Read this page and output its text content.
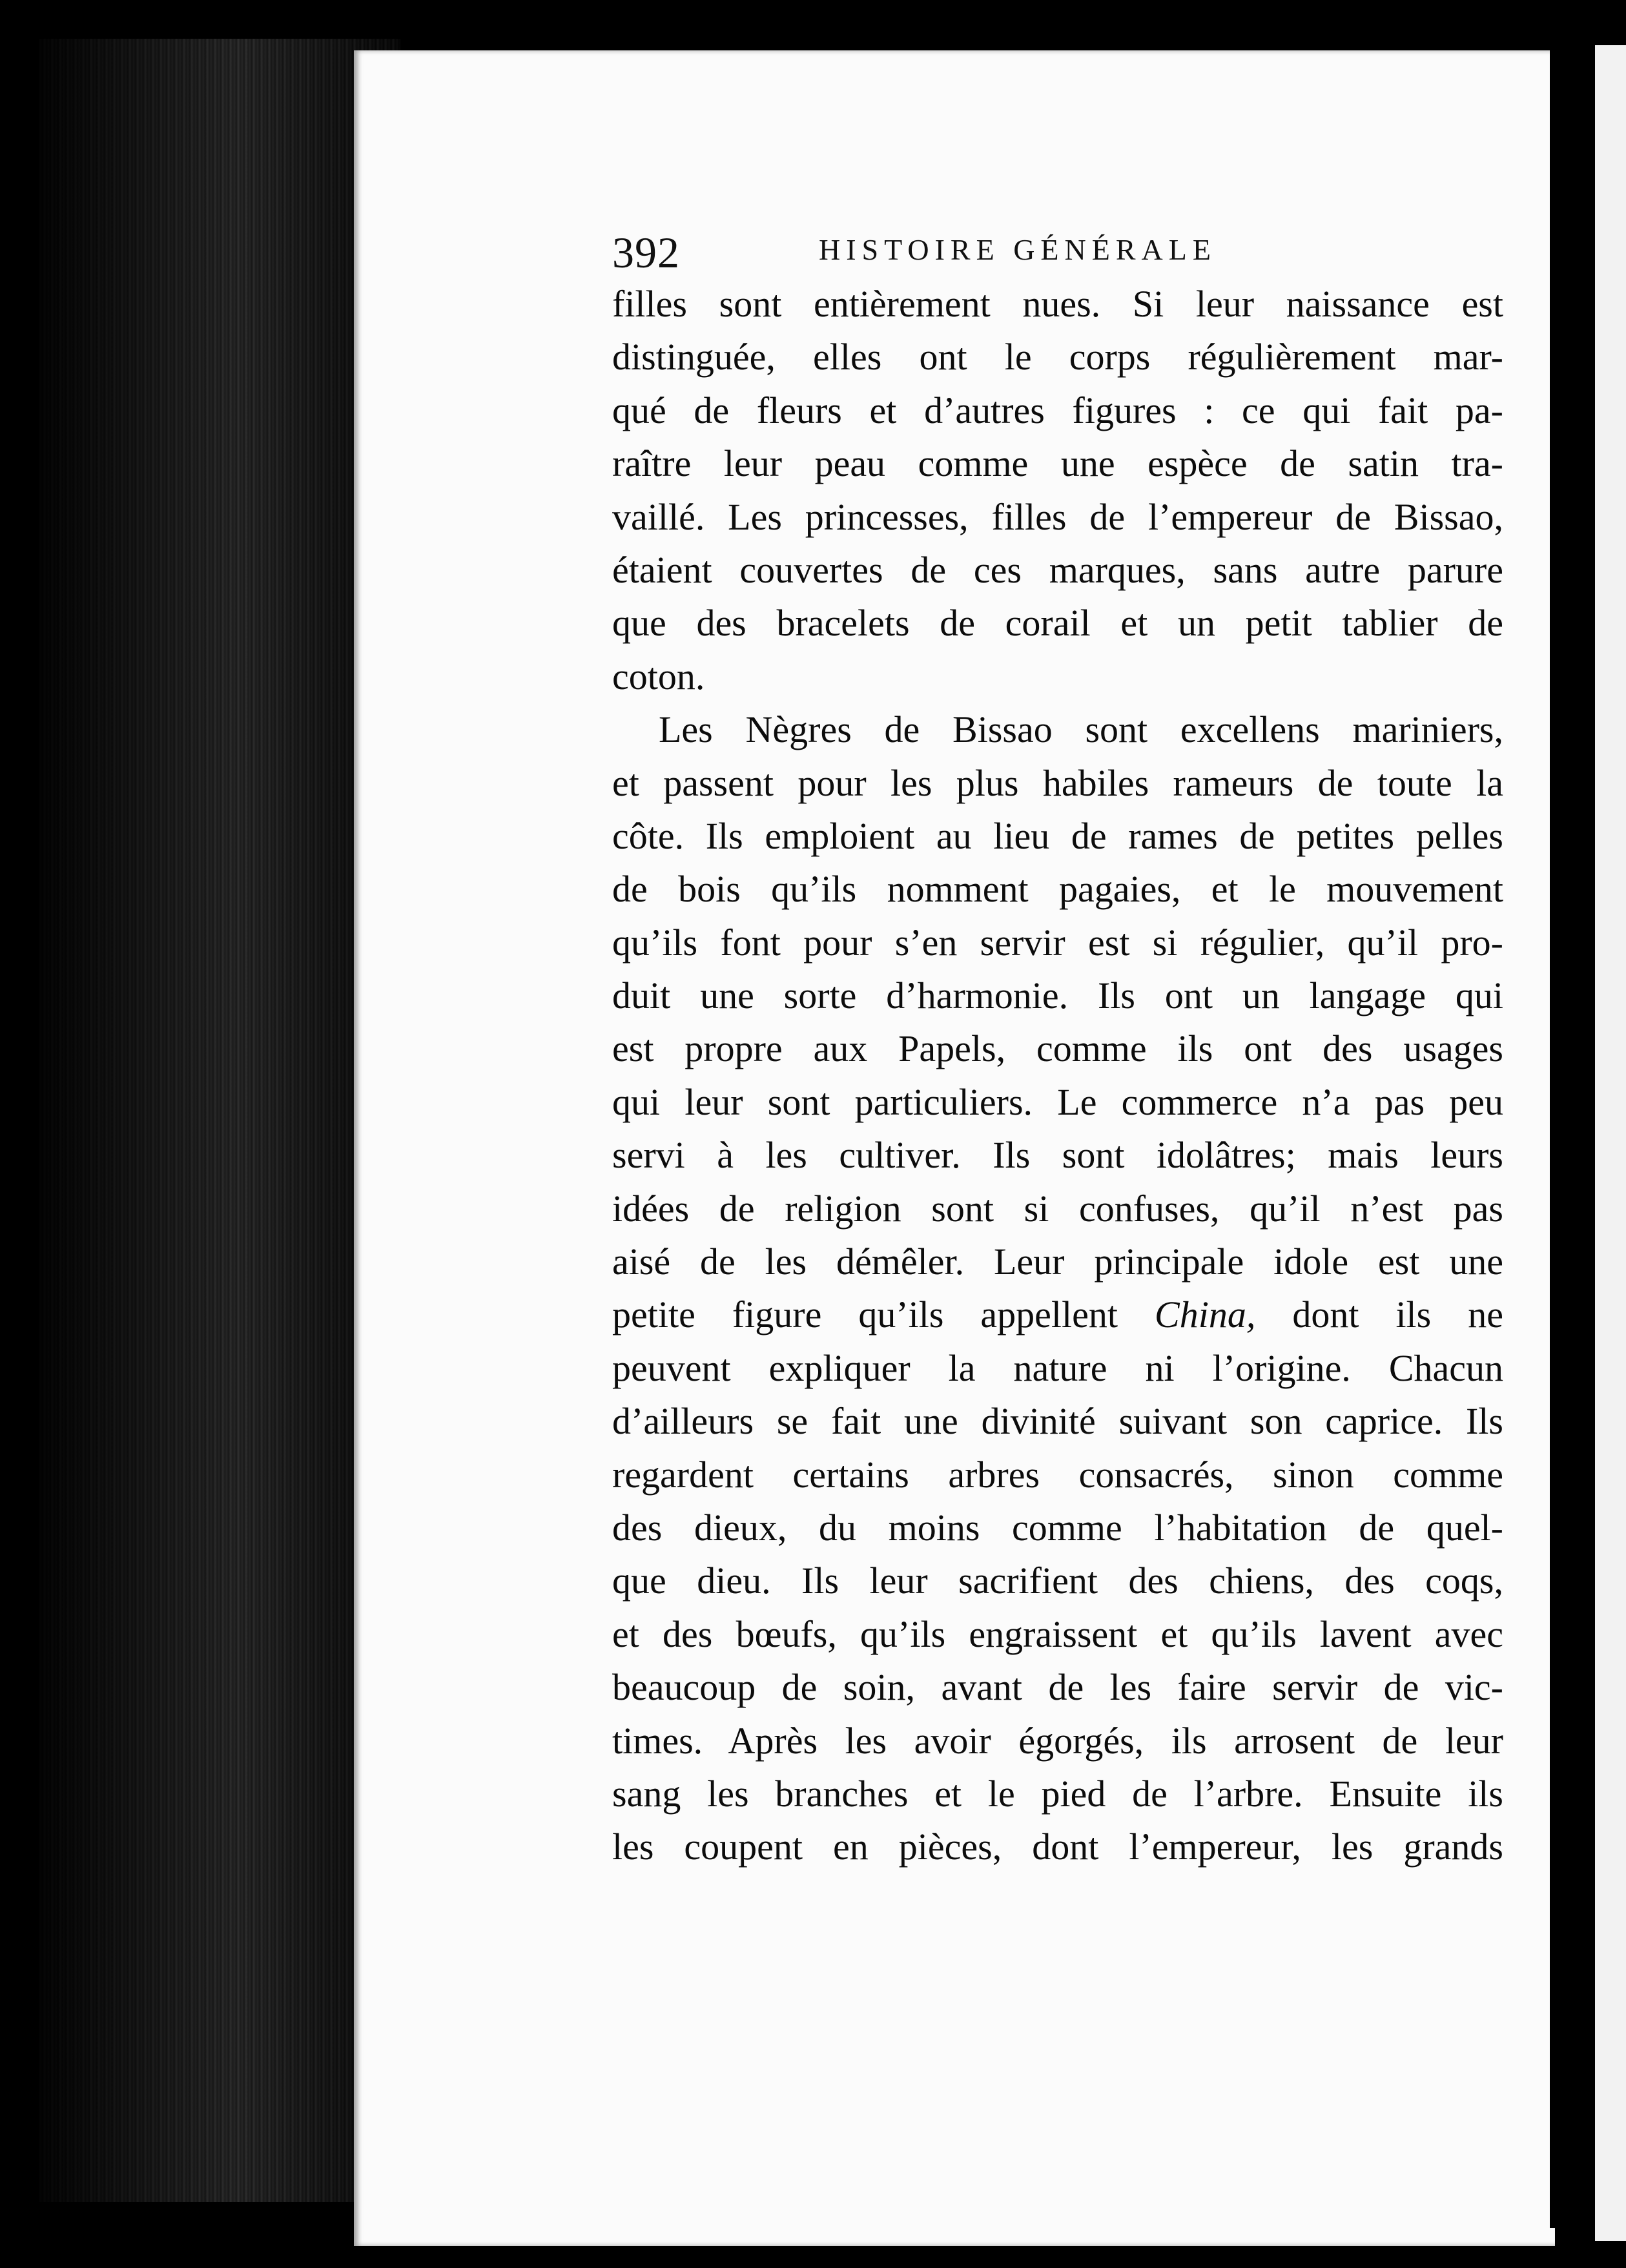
392	HISTOIRE GÉNÉRALE
filles sont entièrement nues. Si leur naissance est
distinguée, elles ont le corps régulièrement mar-
qué de fleurs et d’autres figures : ce qui fait pa-
raître leur peau comme une espèce de satin tra-
vaillé. Les princesses, filles de l’empereur de Bissao,
étaient couvertes de ces marques, sans autre parure
que des bracelets de corail et un petit tablier de
coton.
Les Nègres de Bissao sont excellens mariniers,
et passent pour les plus habiles rameurs de toute la
côte. Ils emploient au lieu de rames de petites pelles
de bois qu’ils nomment pagaies, et le mouvement
qu’ils font pour s’en servir est si régulier, qu’il pro-
duit une sorte d’harmonie. Ils ont un langage qui
est propre aux Papels, comme ils ont des usages
qui leur sont particuliers. Le commerce n’a pas peu
servi à les cultiver. Ils sont idolâtres; mais leurs
idées de religion sont si confuses, qu’il n’est pas
aisé de les démêler. Leur principale idole est une
petite figure qu’ils appellent China, dont ils ne
peuvent expliquer la nature ni l’origine. Chacun
d’ailleurs se fait une divinité suivant son caprice. Ils
regardent certains arbres consacrés, sinon comme
des dieux, du moins comme l’habitation de quel-
que dieu. Ils leur sacrifient des chiens, des coqs,
et des bœufs, qu’ils engraissent et qu’ils lavent avec
beaucoup de soin, avant de les faire servir de vic-
times. Après les avoir égorgés, ils arrosent de leur
sang les branches et le pied de l’arbre. Ensuite ils
les coupent en pièces, dont l’empereur, les grands
